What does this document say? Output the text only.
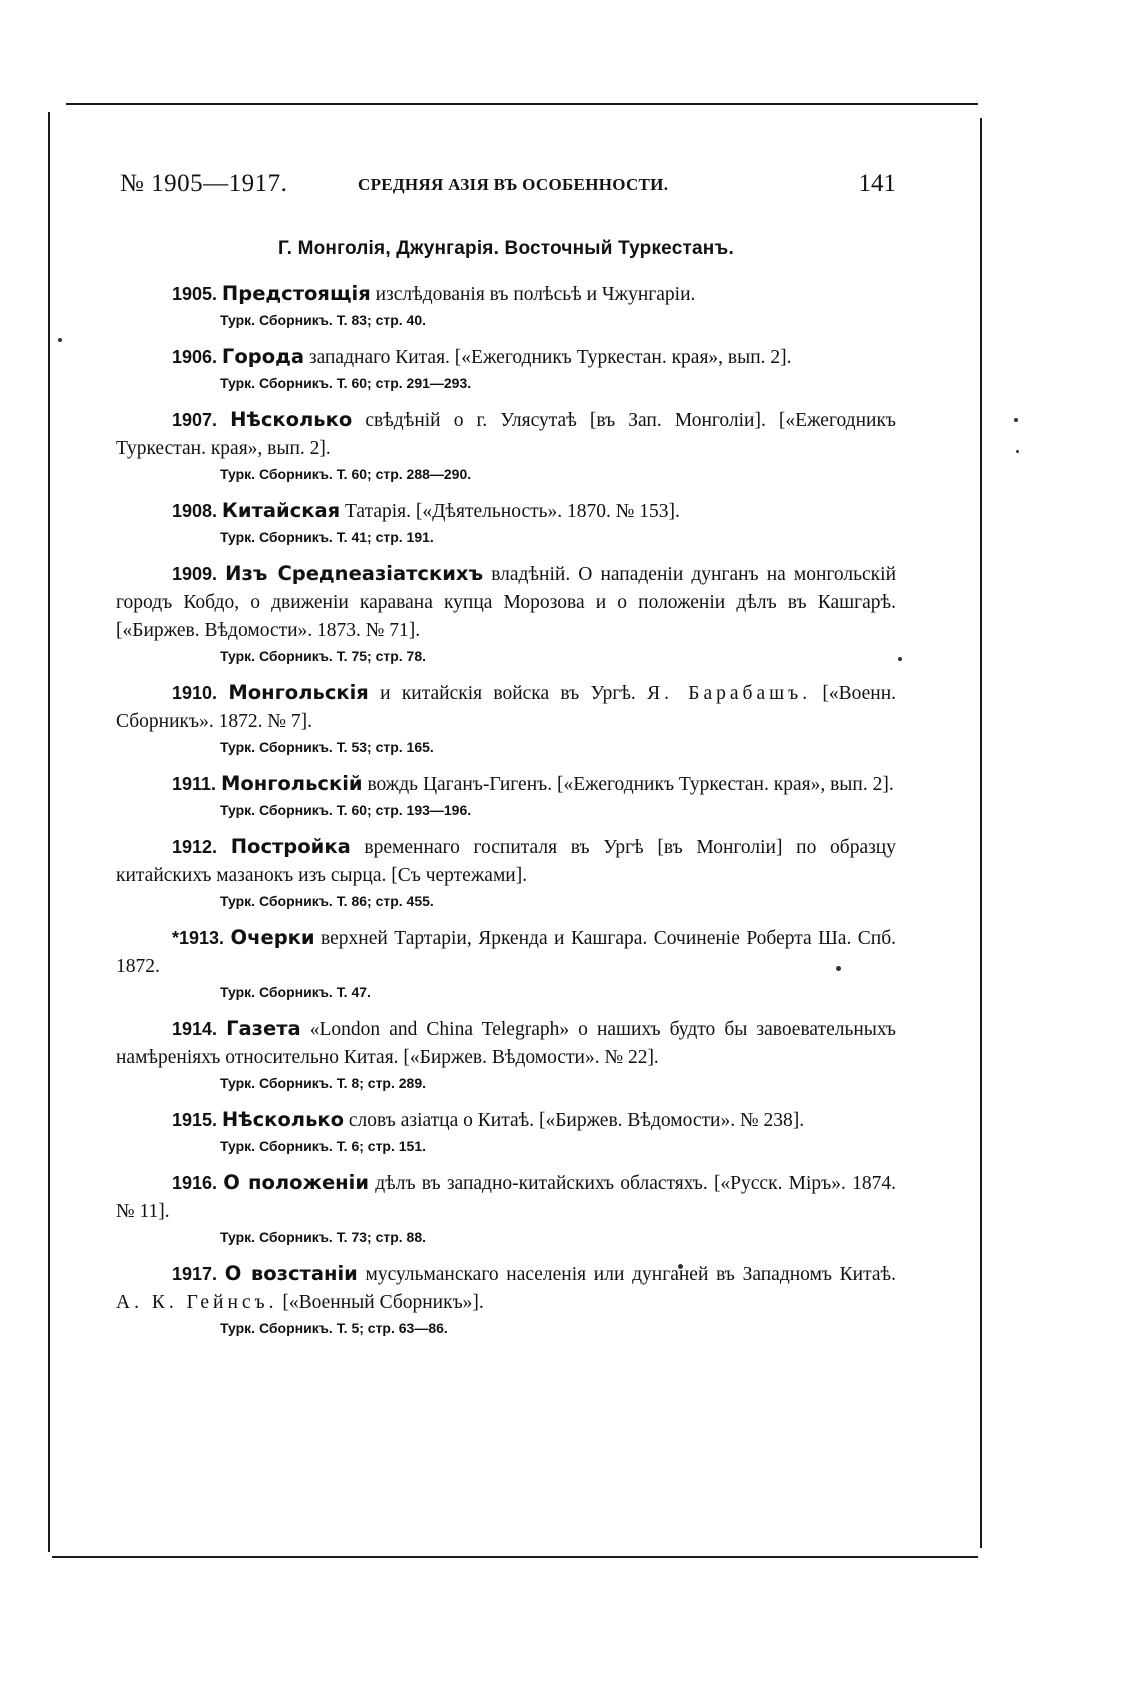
№ 1905—1917.	СРЕДНЯЯ АЗІЯ ВЪ ОСОБЕННОСТИ.	141
Г. Монголія, Джунгарія. Восточный Туркестанъ.
1905. Предстоящія изслѣдованія въ полѣсьѣ и Чжунгаріи.
Турк. Сборникъ. Т. 83; стр. 40.
1906. Города западнаго Китая. [«Ежегодникъ Туркестан. края», вып. 2].
Турк. Сборникъ. Т. 60; стр. 291—293.
1907. Нѣсколько свѣдѣній о г. Улясутаѣ [въ Зап. Монголіи]. [«Ежегодникъ Туркестан. края», вып. 2].
Турк. Сборникъ. Т. 60; стр. 288—290.
1908. Китайская Татарія. [«Дѣятельность». 1870. № 153].
Турк. Сборникъ. Т. 41; стр. 191.
1909. Изъ Средneазіатскихъ владѣній. О нападеніи дунганъ на монгольскій городъ Кобдо, о движеніи каравана купца Морозова и о положеніи дѣлъ въ Кашгарѣ. [«Биржев. Вѣдомости». 1873. № 71].
Турк. Сборникъ. Т. 75; стр. 78.
1910. Монгольскія и китайскія войска въ Ургѣ. Я. Барабашъ. [«Военн. Сборникъ». 1872. № 7].
Турк. Сборникъ. Т. 53; стр. 165.
1911. Монгольскій вождь Цаганъ-Гигенъ. [«Ежегодникъ Туркестан. края», вып. 2].
Турк. Сборникъ. Т. 60; стр. 193—196.
1912. Постройка временнаго госпиталя въ Ургѣ [въ Монголіи] по образцу китайскихъ мазанокъ изъ сырца. [Съ чертежами].
Турк. Сборникъ. Т. 86; стр. 455.
*1913. Очерки верхней Тартаріи, Яркенда и Кашгара. Сочиненіе Роберта Ша. Спб. 1872.
Турк. Сборникъ. Т. 47.
1914. Газета «London and China Telegraph» о нашихъ будто бы завоевательныхъ намѣреніяхъ относительно Китая. [«Биржев. Вѣдомости». № 22].
Турк. Сборникъ. Т. 8; стр. 289.
1915. Нѣсколько словъ азіатца о Китаѣ. [«Биржев. Вѣдомости». № 238].
Турк. Сборникъ. Т. 6; стр. 151.
1916. О положеніи дѣлъ въ западно-китайскихъ областяхъ. [«Русск. Міръ». 1874. № 11].
Турк. Сборникъ. Т. 73; стр. 88.
1917. О возстаніи мусульманскаго населенія или дунганей въ Западномъ Китаѣ. А. К. Гейнсъ. [«Военный Сборникъ»].
Турк. Сборникъ. Т. 5; стр. 63—86.
